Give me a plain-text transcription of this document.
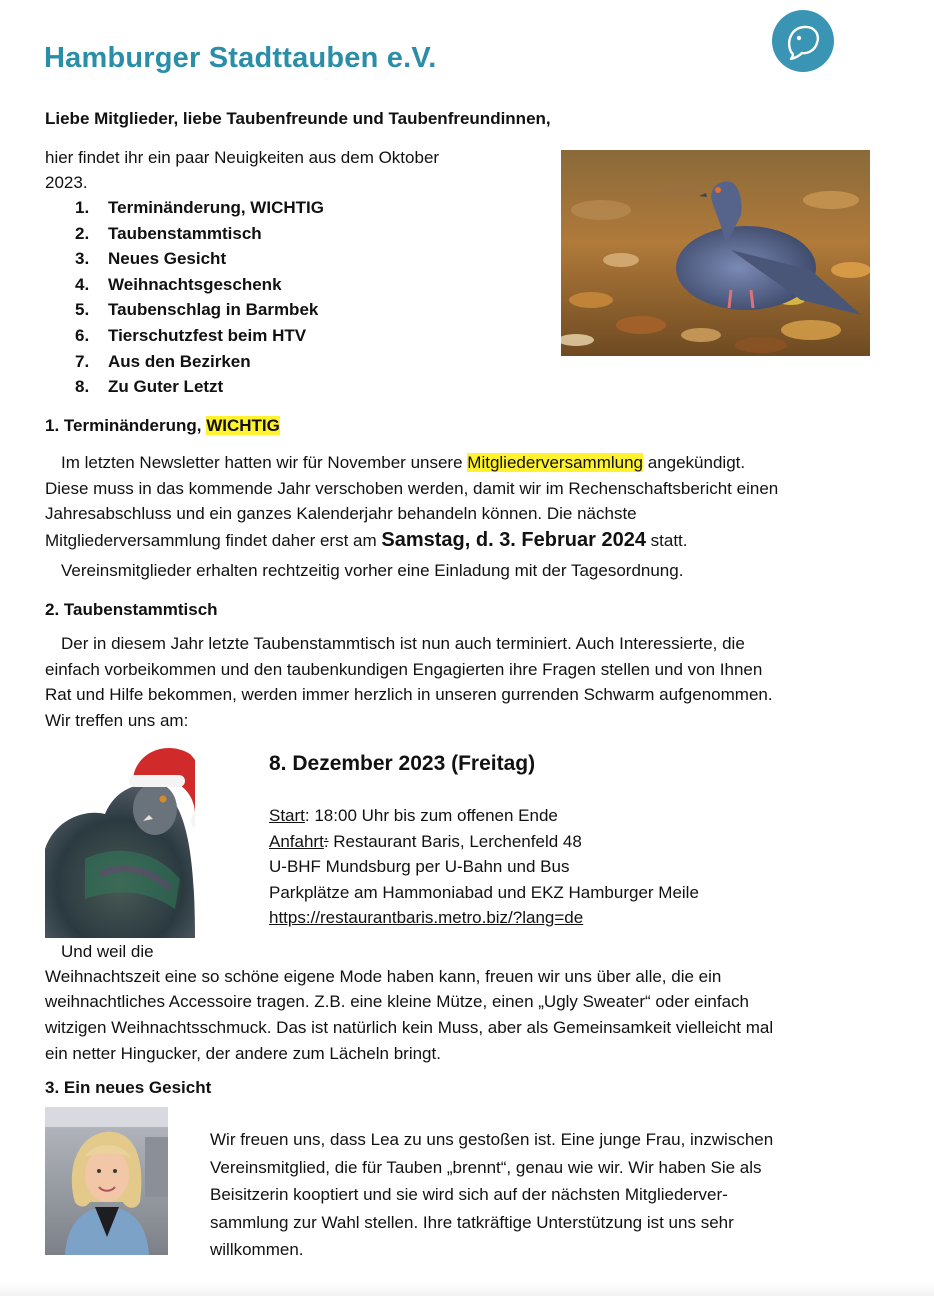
Hamburger Stadttauben e.V.
Liebe Mitglieder, liebe Taubenfreunde und Taubenfreundinnen,
hier findet ihr ein paar Neuigkeiten aus dem Oktober
2023.
1. Terminänderung, WICHTIG
2. Taubenstammtisch
3. Neues Gesicht
4. Weihnachtsgeschenk
5. Taubenschlag in Barmbek
6. Tierschutzfest beim HTV
7. Aus den Bezirken
8. Zu Guter Letzt
1. Terminänderung, WICHTIG
Im letzten Newsletter hatten wir für November unsere Mitgliederversammlung angekündigt.
Diese muss in das kommende Jahr verschoben werden, damit wir im Rechenschaftsbericht einen
Jahresabschluss und ein ganzes Kalenderjahr behandeln können. Die nächste
Mitgliederversammlung findet daher erst am Samstag, d. 3. Februar 2024 statt.
Vereinsmitglieder erhalten rechtzeitig vorher eine Einladung mit der Tagesordnung.
2. Taubenstammtisch
Der in diesem Jahr letzte Taubenstammtisch ist nun auch terminiert. Auch Interessierte, die
einfach vorbeikommen und den taubenkundigen Engagierten ihre Fragen stellen und von Ihnen
Rat und Hilfe bekommen, werden immer herzlich in unseren gurrenden Schwarm aufgenommen.
Wir treffen uns am:
8. Dezember 2023 (Freitag)
Start: 18:00 Uhr bis zum offenen Ende
Anfahrt: Restaurant Baris, Lerchenfeld 48
U-BHF Mundsburg per U-Bahn und Bus
Parkplätze am Hammoniabad und EKZ Hamburger Meile
https://restaurantbaris.metro.biz/?lang=de
Und weil die
Weihnachtszeit eine so schöne eigene Mode haben kann, freuen wir uns über alle, die ein
weihnachtliches Accessoire tragen. Z.B. eine kleine Mütze, einen „Ugly Sweater“ oder einfach
witzigen Weihnachtsschmuck. Das ist natürlich kein Muss, aber als Gemeinsamkeit vielleicht mal
ein netter Hingucker, der andere zum Lächeln bringt.
3. Ein neues Gesicht
Wir freuen uns, dass Lea zu uns gestoßen ist. Eine junge Frau, inzwischen
Vereinsmitglied, die für Tauben „brennt“, genau wie wir. Wir haben Sie als
Beisitzerin kooptiert und sie wird sich auf der nächsten Mitgliederver-
sammlung zur Wahl stellen. Ihre tatkräftige Unterstützung ist uns sehr
willkommen.
